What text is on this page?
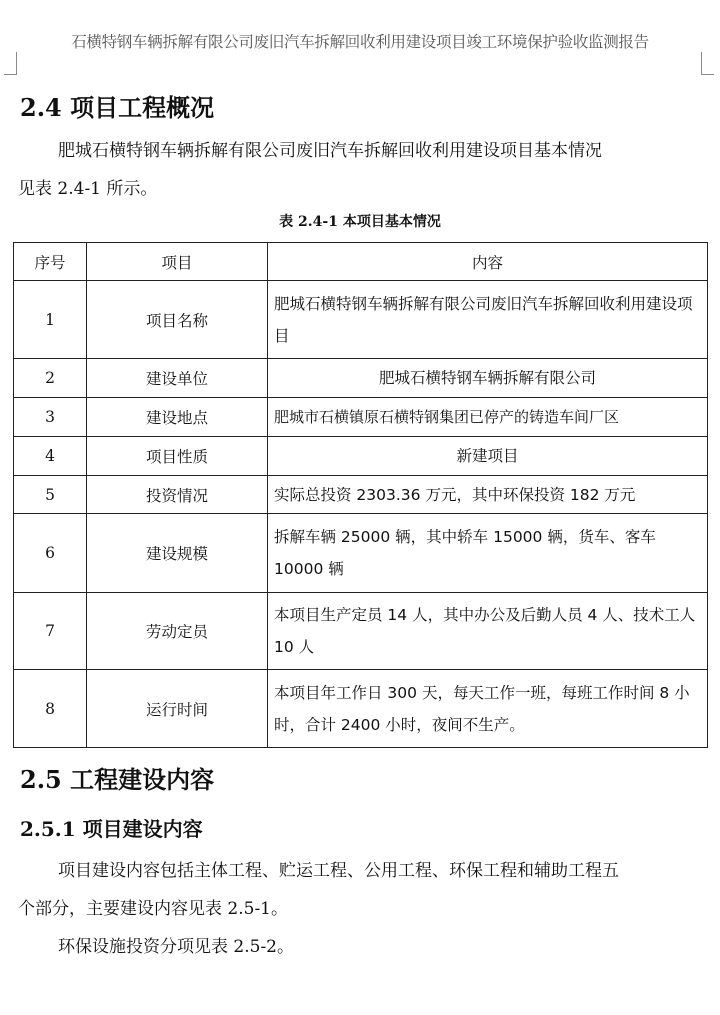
石横特钢车辆拆解有限公司废旧汽车拆解回收利用建设项目竣工环境保护验收监测报告
2.4 项目工程概况
肥城石横特钢车辆拆解有限公司废旧汽车拆解回收利用建设项目基本情况
见表 2.4-1 所示。
表 2.4-1 本项目基本情况
序号	项目	内容
1	项目名称	肥城石横特钢车辆拆解有限公司废旧汽车拆解回收利用建设项目
2	建设单位	肥城石横特钢车辆拆解有限公司
3	建设地点	肥城市石横镇原石横特钢集团已停产的铸造车间厂区
4	项目性质	新建项目
5	投资情况	实际总投资 2303.36 万元，其中环保投资 182 万元
6	建设规模	拆解车辆 25000 辆，其中轿车 15000 辆，货车、客车 10000 辆
7	劳动定员	本项目生产定员 14 人，其中办公及后勤人员 4 人、技术工人 10 人
8	运行时间	本项目年工作日 300 天，每天工作一班，每班工作时间 8 小时，合计 2400 小时，夜间不生产。
2.5 工程建设内容
2.5.1 项目建设内容
项目建设内容包括主体工程、贮运工程、公用工程、环保工程和辅助工程五
个部分，主要建设内容见表 2.5-1。
环保设施投资分项见表 2.5-2。
